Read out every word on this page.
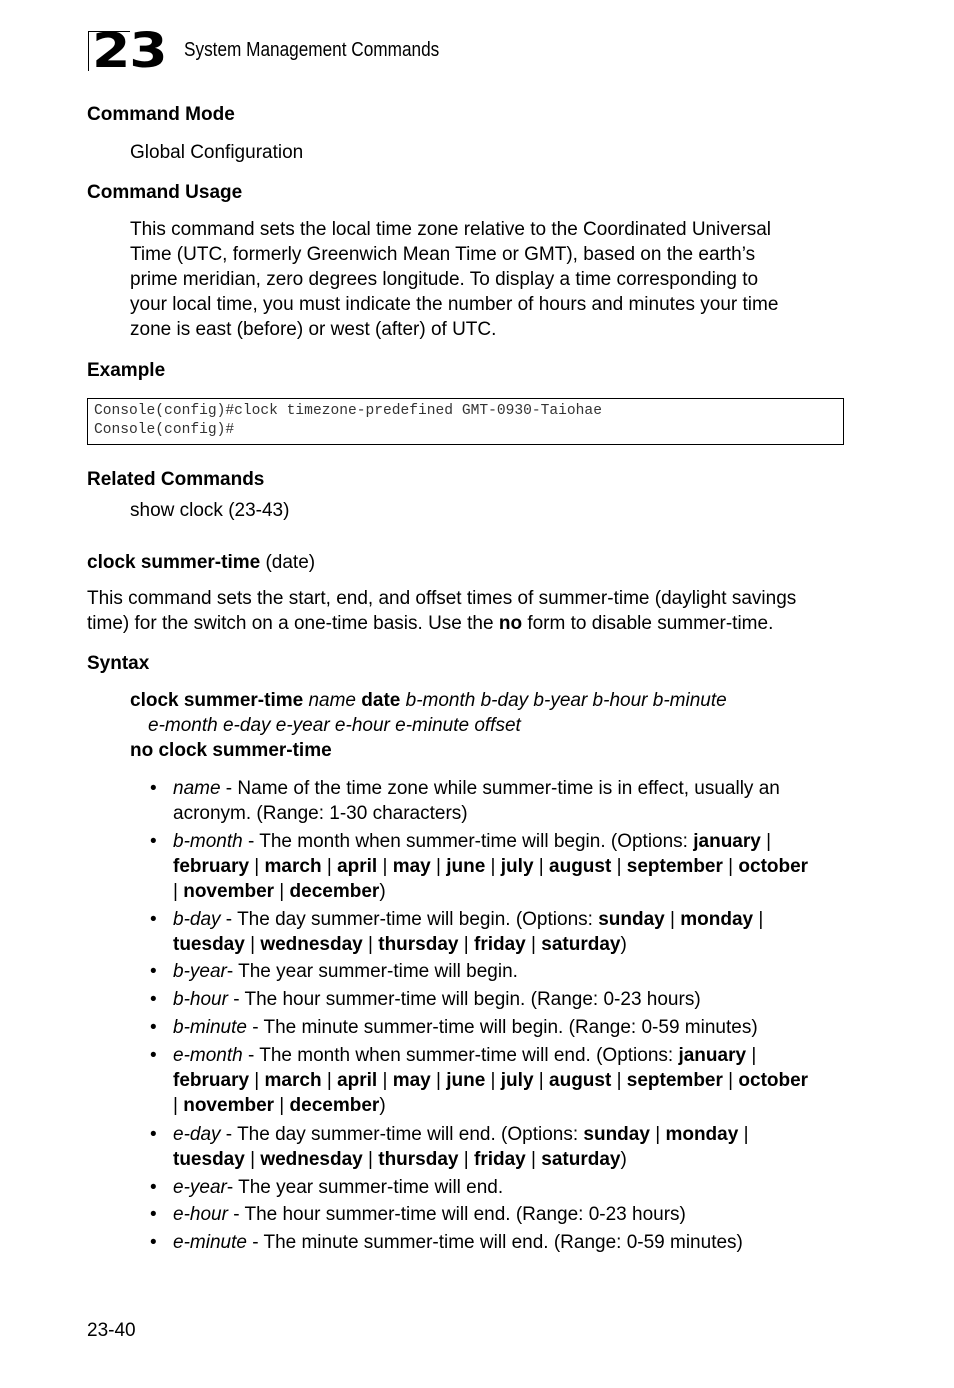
23 System Management Commands
Command Mode
Global Configuration
Command Usage
This command sets the local time zone relative to the Coordinated Universal
Time (UTC, formerly Greenwich Mean Time or GMT), based on the earth’s
prime meridian, zero degrees longitude. To display a time corresponding to
your local time, you must indicate the number of hours and minutes your time
zone is east (before) or west (after) of UTC.
Example
Console(config)#clock timezone-predefined GMT-0930-Taiohae
Console(config)#
Related Commands
show clock (23-43)
clock summer-time (date)
This command sets the start, end, and offset times of summer-time (daylight savings
time) for the switch on a one-time basis. Use the no form to disable summer-time.
Syntax
clock summer-time name date b-month b-day b-year b-hour b-minute
e-month e-day e-year e-hour e-minute offset
no clock summer-time
• name - Name of the time zone while summer-time is in effect, usually an
acronym. (Range: 1-30 characters)
• b-month - The month when summer-time will begin. (Options: january |
february | march | april | may | june | july | august | september | october
| november | december)
• b-day - The day summer-time will begin. (Options: sunday | monday |
tuesday | wednesday | thursday | friday | saturday)
• b-year- The year summer-time will begin.
• b-hour - The hour summer-time will begin. (Range: 0-23 hours)
• b-minute - The minute summer-time will begin. (Range: 0-59 minutes)
• e-month - The month when summer-time will end. (Options: january |
february | march | april | may | june | july | august | september | october
| november | december)
• e-day - The day summer-time will end. (Options: sunday | monday |
tuesday | wednesday | thursday | friday | saturday)
• e-year- The year summer-time will end.
• e-hour - The hour summer-time will end. (Range: 0-23 hours)
• e-minute - The minute summer-time will end. (Range: 0-59 minutes)
23-40
